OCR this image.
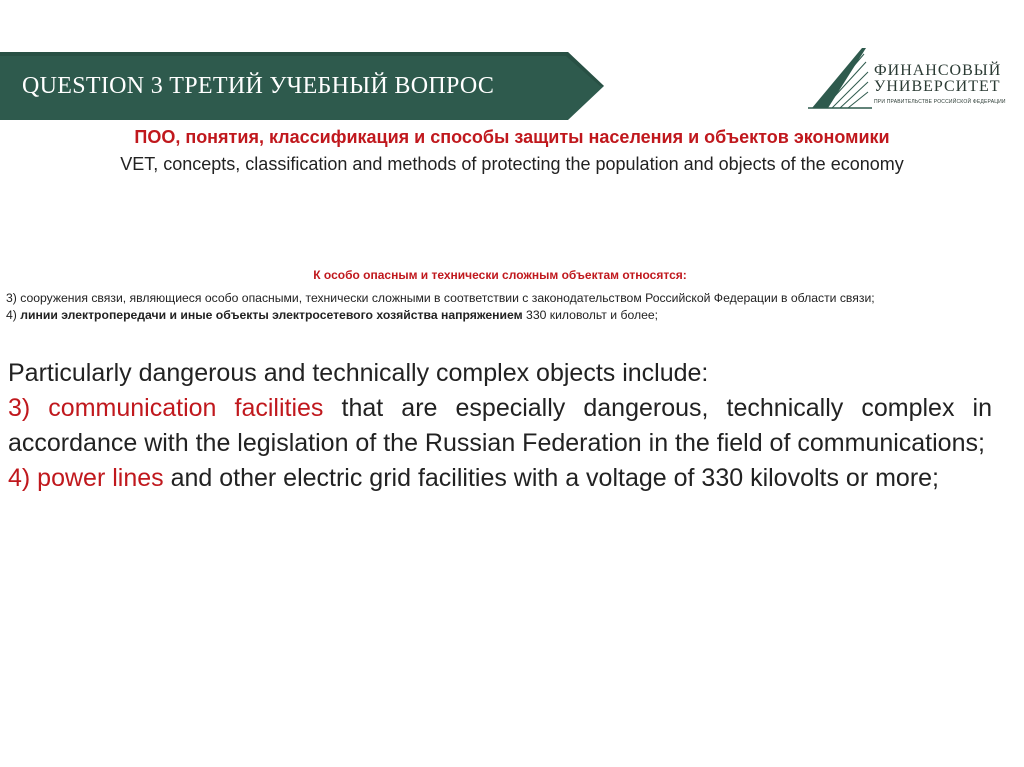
QUESTION 3 ТРЕТИЙ УЧЕБНЫЙ ВОПРОС
ФИНАНСОВЫЙ
УНИВЕРСИТЕТ
ПРИ ПРАВИТЕЛЬСТВЕ РОССИЙСКОЙ ФЕДЕРАЦИИ
ПОО, понятия, классификация и способы защиты населения и объектов экономики
VET, concepts, classification and methods of protecting the population and objects of the economy
К особо опасным и технически сложным объектам относятся:

3) сооружения связи, являющиеся особо опасными, технически сложными в соответствии с законодательством Российской Федерации в области связи;

4) линии электропередачи и иные объекты электросетевого хозяйства напряжением 330 киловольт и более;

Particularly dangerous and technically complex objects include:

3) communication facilities that are especially dangerous, technically complex in accordance with the legislation of the Russian Federation in the field of communications;

4) power lines and other electric grid facilities with a voltage of 330 kilovolts or more;
